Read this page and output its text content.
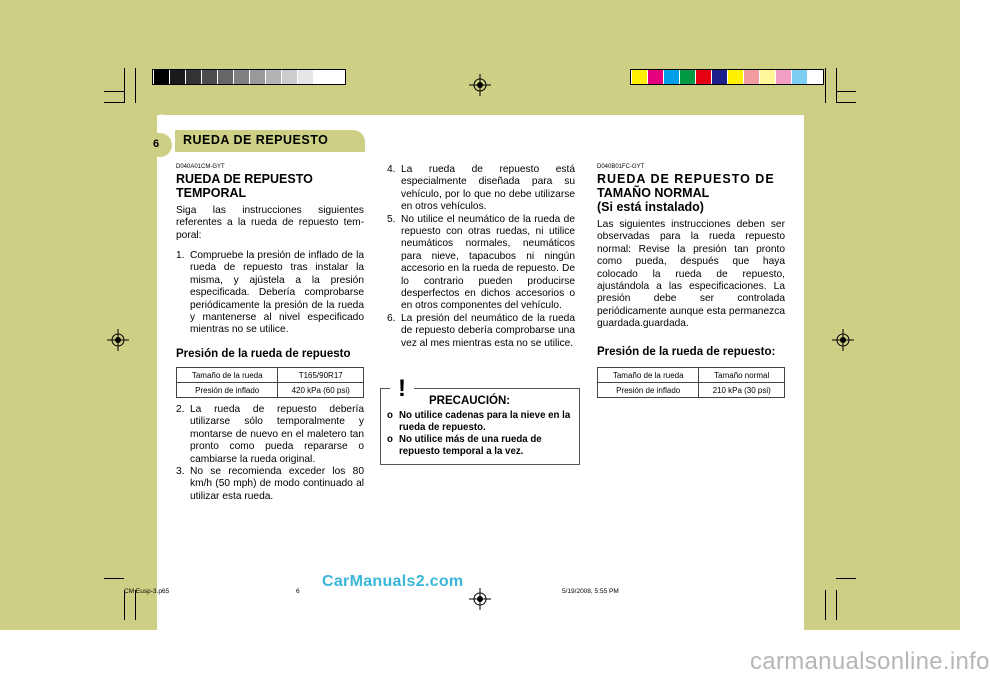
3 QUE HACER EN UNA EMERGENCIA
RUEDA DE REPUESTO
6
D040A01CM-GYT
RUEDA DE REPUESTO
TEMPORAL
Siga las instrucciones siguientes referentes a la rueda de repuesto tem-poral:
1. Compruebe la presión de inflado de la rueda de repuesto tras instalar la misma, y ajústela a la presión especificada. Debería comprobarse periódicamente la presión de la rueda y mantenerse al nivel especificado mientras no se utilice.
Presión de la rueda de repuesto
Tamaño de la rueda	T165/90R17
Presión de inflado	420 kPa (60 psi)
2. La rueda de repuesto debería utilizarse sólo temporalmente y montarse de nuevo en el maletero tan pronto como pueda repararse o cambiarse la rueda original.
3. No se recomienda exceder los 80 km/h (50 mph) de modo continuado al utilizar esta rueda.
4. La rueda de repuesto está especialmente diseñada para su vehículo, por lo que no debe utilizarse en otros vehículos.
5. No utilice el neumático de la rueda de repuesto con otras ruedas, ni utilice neumáticos normales, neumáticos para nieve, tapacubos ni ningún accesorio en la rueda de repuesto. De lo contrario pueden producirse desperfectos en dichos accesorios o en otros componentes del vehículo.
6. La presión del neumático de la rueda de repuesto debería comprobarse una vez al mes mientras esta no se utilice.
PRECAUCIÓN:
o No utilice cadenas para la nieve en la rueda de repuesto.
o No utilice más de una rueda de repuesto temporal a la vez.
!
D040B01FC-GYT
RUEDA DE REPUESTO DE
TAMAÑO NORMAL
(Si está instalado)
Las siguientes instrucciones deben ser observadas para la rueda repuesto normal: Revise la presión tan pronto como pueda, después que haya colocado la rueda de repuesto, ajustándola a las especificaciones. La presión debe ser controlada periódicamente aunque esta permanezca guardada.guardada.
Presión de la rueda de repuesto:
Tamaño de la rueda	Tamaño normal
Presión de inflado	210 kPa (30 psi)
CM Eusp-3.p65	6	5/19/2008, 5:55 PM
CarManuals2.com
carmanualsonline.info
